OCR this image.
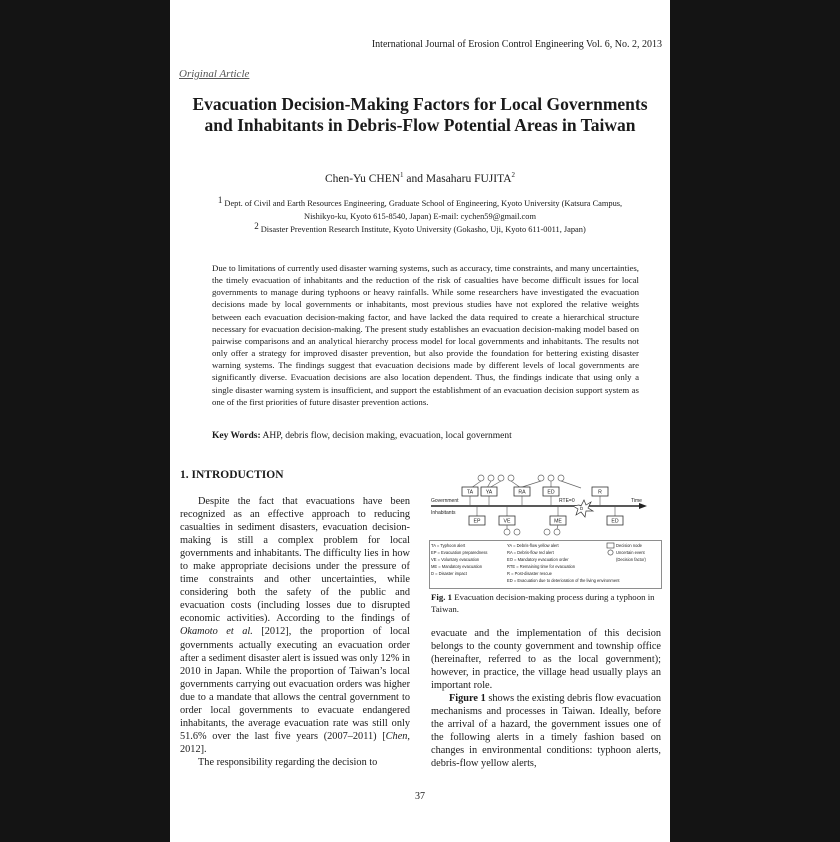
International Journal of Erosion Control Engineering Vol. 6, No. 2, 2013
Original Article
Evacuation Decision-Making Factors for Local Governments
and Inhabitants in Debris-Flow Potential Areas in Taiwan
Chen-Yu CHEN$^1$ and Masaharu FUJITA$^2$
1 Dept. of Civil and Earth Resources Engineering, Graduate School of Engineering, Kyoto University (Katsura Campus,
Nishikyo-ku, Kyoto 615-8540, Japan) E-mail: cychen59@gmail.com
2 Disaster Prevention Research Institute, Kyoto University (Gokasho, Uji, Kyoto 611-0011, Japan)
Due to limitations of currently used disaster warning systems, such as accuracy, time constraints, and many uncertainties, the timely evacuation of inhabitants and the reduction of the risk of casualties have become difficult issues for local governments to manage during typhoons or heavy rainfalls. While some researchers have investigated the evacuation decisions made by local governments or inhabitants, most previous studies have not explored the relative weights between each evacuation decision-making factor, and have lacked the data required to create a hierarchical structure necessary for evacuation decision-making. The present study establishes an evacuation decision-making model based on pairwise comparisons and an analytical hierarchy process model for local governments and inhabitants. The results not only offer a strategy for improved disaster prevention, but also provide the foundation for bettering existing disaster warning systems. The findings suggest that evacuation decisions made by different levels of local governments are significantly diverse. Evacuation decisions are also location dependent. Thus, the findings indicate that using only a single disaster warning system is insufficient, and support the establishment of an evacuation decision support system as one of the first priorities of future disaster prevention actions.
Key Words: AHP, debris flow, decision making, evacuation, local government
1. INTRODUCTION

Despite the fact that evacuations have been recognized as an effective approach to reducing casualties in sediment disasters, evacuation decision-making is still a complex problem for local governments and inhabitants. The difficulty lies in how to make appropriate decisions under the pressure of time constraints and other uncertainties, while considering both the safety of the public and evacuation costs (including losses due to disrupted economic activities). According to the findings of Okamoto et al. [2012], the proportion of local governments actually executing an evacuation order after a sediment disaster alert is issued was only 12% in 2010 in Japan. While the proportion of Taiwan’s local governments carrying out evacuation orders was higher due to a mandate that allows the central government to order local governments to evacuate endangered inhabitants, the average evacuation rate was still only 51.6% over the last five years (2007–2011) [Chen, 2012].

The responsibility regarding the decision to

TA YA	RA	ED	R
Time
Government
Inhabitants
RTE=0
D
EP	VE	ME	ED
TA = Typhoon alert
EP = Evacuation preparedness
VE = Voluntary evacuation
ME = Mandatory evacuation
D = Disaster impact
YA = Debris-flow yellow alert
RA = Debris-flow red alert
EO = Mandatory evacuation order
RTE = Remaining time for evacuation
R = Post-disaster rescue
ED = Evacuation due to deterioration of the living environment
Decision node
Uncertain event
(Decision factor)
Fig. 1 Evacuation decision-making process during a typhoon in Taiwan.

evacuate and the implementation of this decision belongs to the county government and township office (hereinafter, referred to as the local government); however, in practice, the village head usually plays an important role.

Figure 1 shows the existing debris flow evacuation mechanisms and processes in Taiwan. Ideally, before the arrival of a hazard, the government issues one of the following alerts in a timely fashion based on changes in environmental conditions: typhoon alerts, debris-flow yellow alerts,

37
